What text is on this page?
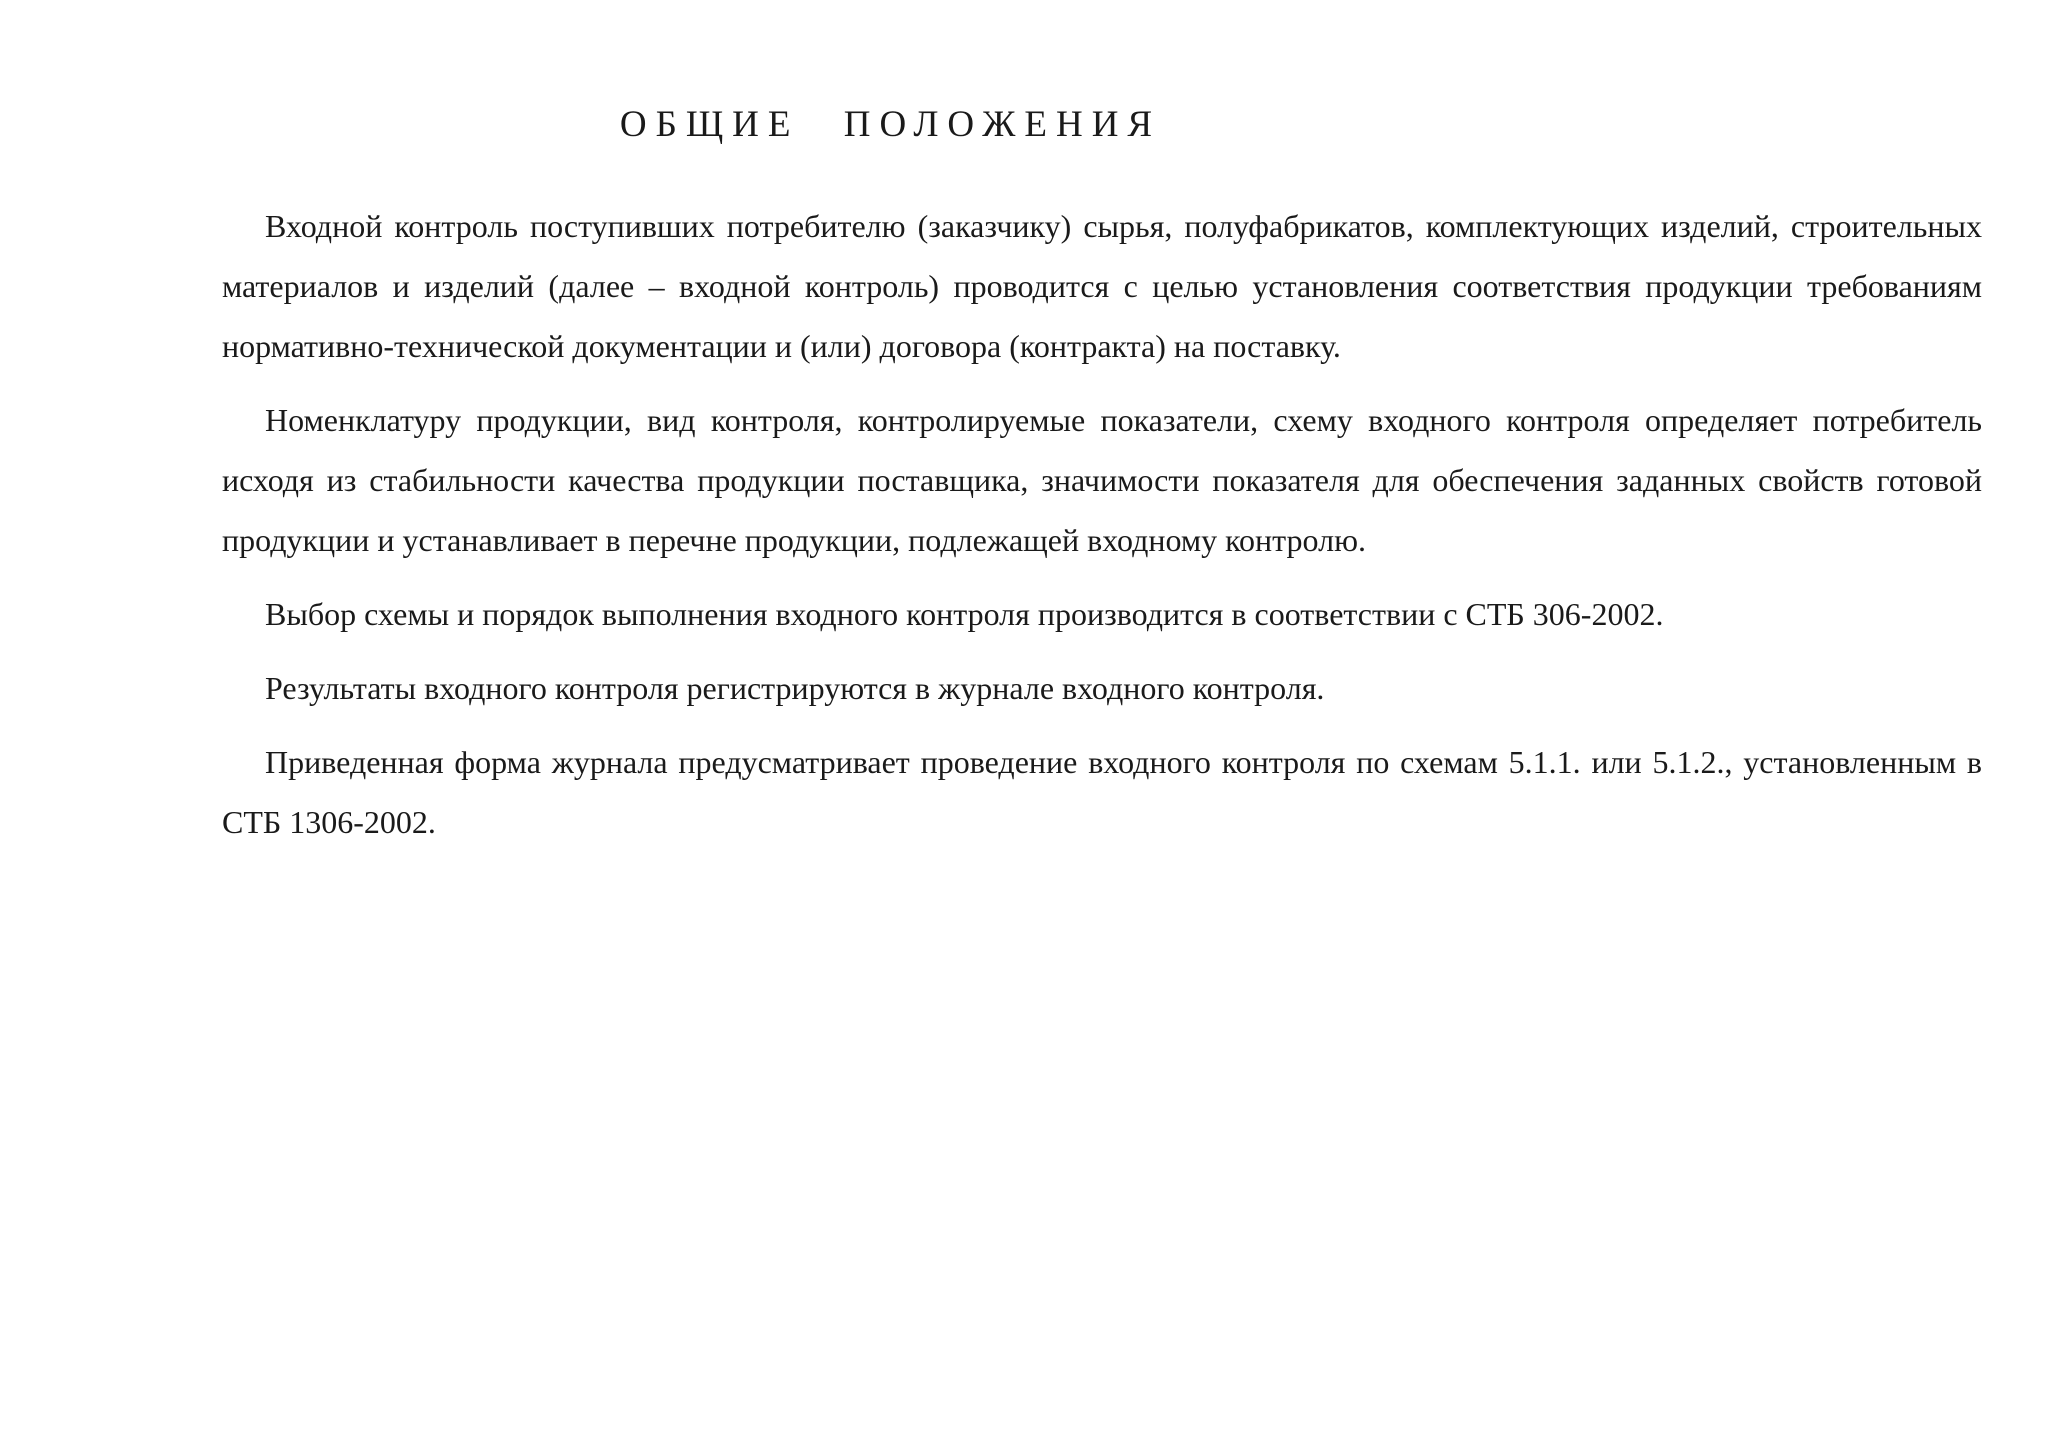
ОБЩИЕ ПОЛОЖЕНИЯ

Входной контроль поступивших потребителю (заказчику) сырья, полуфабрикатов, комплектующих изделий, строительных материалов и изделий (далее – входной контроль) проводится с целью установления соответствия продукции требованиям нормативно-технической документации и (или) договора (контракта) на поставку.

Номенклатуру продукции, вид контроля, контролируемые показатели, схему входного контроля определяет потребитель исходя из стабильности качества продукции поставщика, значимости показателя для обеспечения заданных свойств готовой продукции и устанавливает в перечне продукции, подлежащей входному контролю.

Выбор схемы и порядок выполнения входного контроля производится в соответствии с СТБ 306-2002.

Результаты входного контроля регистрируются в журнале входного контроля.

Приведенная форма журнала предусматривает проведение входного контроля по схемам 5.1.1. или 5.1.2., установленным в СТБ 1306-2002.
